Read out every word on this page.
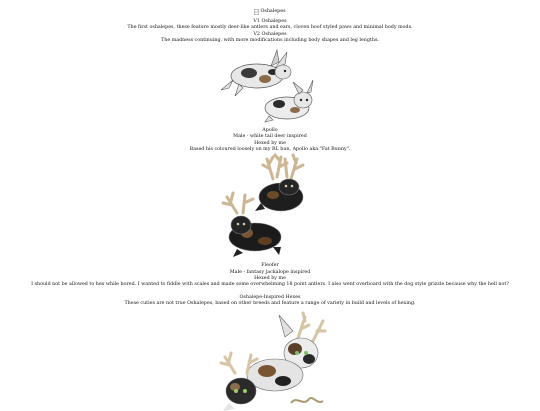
Oshalepes

V1 Oshalepes

The first oshalepes, these feature mostly deer-like antlers and ears, cloven hoof styled paws and minimal body mods.

V2 Oshalepes

The madness continuing, with more modifications including body shapes and leg lengths.

Apollo

Male - white tail deer inspired

Hexed by me

Based his coloured loosely on my RL bun, Apollo aka "Fat Bunny".

Fleofer

Male - fantasy jackalope inspired

Hexed by me

I should not be allowed to hex while bored. I wanted to fiddle with scales and made some overwhelming 18 point antlers. I also went overboard with the dog style grizzle because why the hell not?

Oshalepe-Inspired Hexes

These cuties are not true Oshalepes, based on other breeds and feature a range of variety in build and levels of hexing.
